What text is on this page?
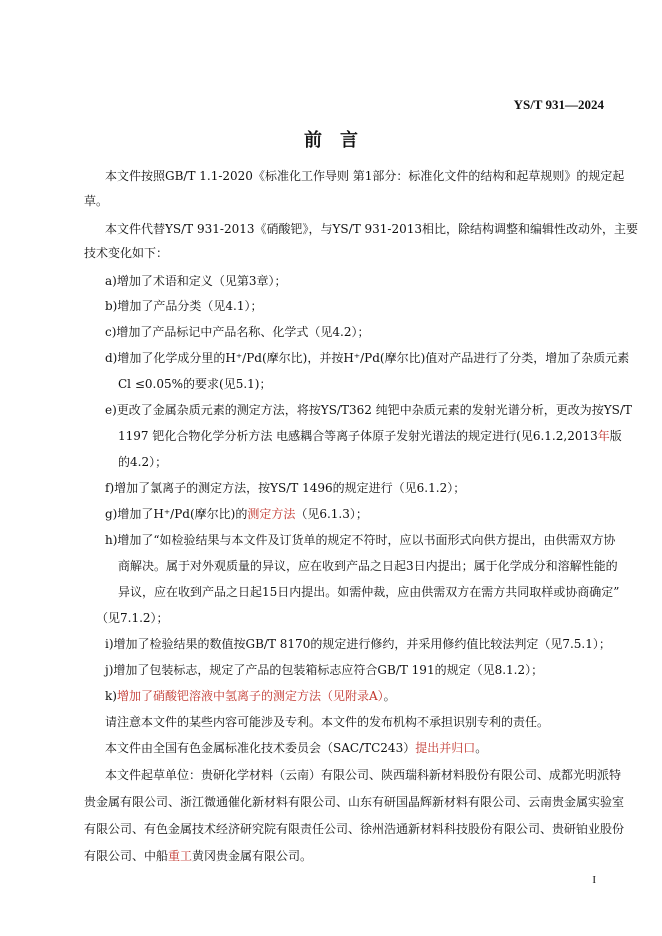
YS/T 931—2024
前言
本文件按照GB/T 1.1-2020《标准化工作导则 第1部分：标准化文件的结构和起草规则》的规定起
草。
本文件代替YS/T 931-2013《硝酸钯》，与YS/T 931-2013相比，除结构调整和编辑性改动外，主要
技术变化如下：
a)增加了术语和定义（见第3章）；
b)增加了产品分类（见4.1）；
c)增加了产品标记中产品名称、化学式（见4.2）；
d)增加了化学成分里的H⁺/Pd(摩尔比)，并按H⁺/Pd(摩尔比)值对产品进行了分类，增加了杂质元素
Cl ≤0.05%的要求(见5.1)；
e)更改了金属杂质元素的测定方法，将按YS/T362 纯钯中杂质元素的发射光谱分析，更改为按YS/T
1197 钯化合物化学分析方法 电感耦合等离子体原子发射光谱法的规定进行(见6.1.2,2013年版
的4.2）；
f)增加了氯离子的测定方法，按YS/T 1496的规定进行（见6.1.2）；
g)增加了H⁺/Pd(摩尔比)的测定方法（见6.1.3）；
h)增加了“如检验结果与本文件及订货单的规定不符时，应以书面形式向供方提出，由供需双方协
商解决。属于对外观质量的异议，应在收到产品之日起3日内提出；属于化学成分和溶解性能的
异议，应在收到产品之日起15日内提出。如需仲裁，应由供需双方在需方共同取样或协商确定”
（见7.1.2）；
i)增加了检验结果的数值按GB/T 8170的规定进行修约，并采用修约值比较法判定（见7.5.1）；
j)增加了包装标志，规定了产品的包装箱标志应符合GB/T 191的规定（见8.1.2）；
k)增加了硝酸钯溶液中氢离子的测定方法（见附录A）。
请注意本文件的某些内容可能涉及专利。本文件的发布机构不承担识别专利的责任。
本文件由全国有色金属标准化技术委员会（SAC/TC243）提出并归口。
本文件起草单位：贵研化学材料（云南）有限公司、陕西瑞科新材料股份有限公司、成都光明派特
贵金属有限公司、浙江微通催化新材料有限公司、山东有研国晶辉新材料有限公司、云南贵金属实验室
有限公司、有色金属技术经济研究院有限责任公司、徐州浩通新材料科技股份有限公司、贵研铂业股份
有限公司、中船重工黄冈贵金属有限公司。
I
